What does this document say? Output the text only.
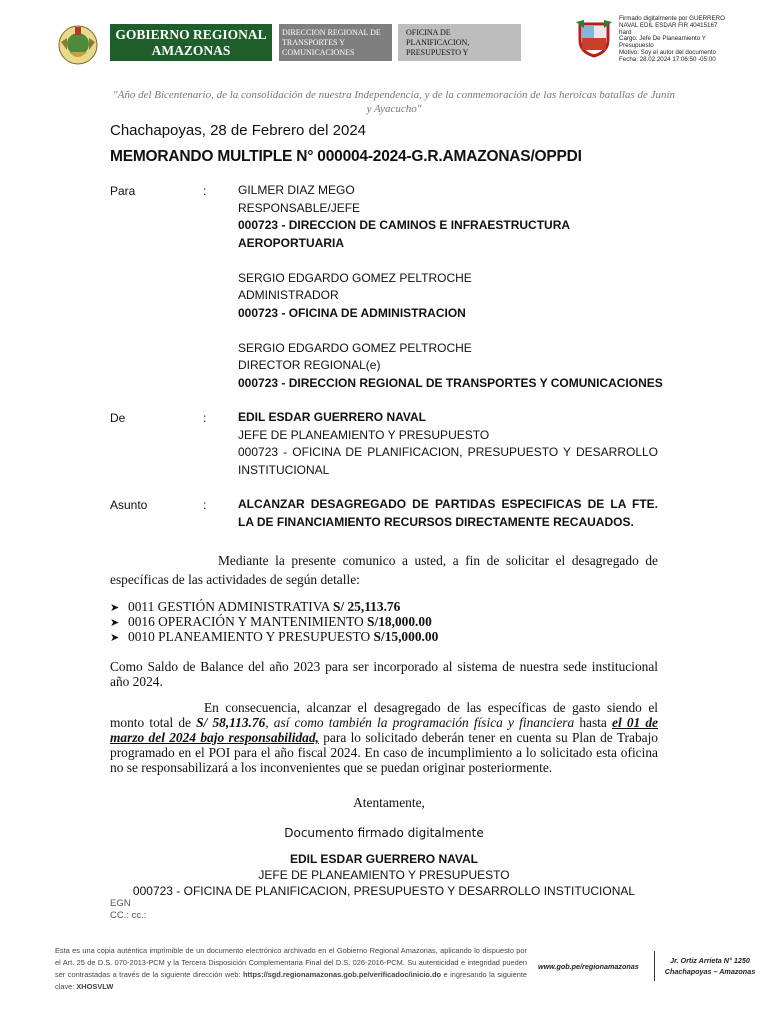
GOBIERNO REGIONAL
AMAZONAS
DIRECCION REGIONAL DE TRANSPORTES Y COMUNICACIONES
OFICINA DE PLANIFICACION, PRESUPUESTO Y
Firmado digitalmente por GUERRERO
NAVAL EDIL ESDAR FIR 40415167
hard
Cargo: Jefe De Planeamiento Y
Presupuesto
Motivo: Soy el autor del documento
Fecha: 28.02.2024 17:06:50 -05:00
"Año del Bicentenario, de la consolidación de nuestra Independencia, y de la conmemoración de las heroicas batallas de Junín y Ayacucho"
Chachapoyas, 28 de Febrero del 2024
MEMORANDO MULTIPLE N° 000004-2024-G.R.AMAZONAS/OPPDI
Para	:	GILMER DIAZ MEGO
RESPONSABLE/JEFE
000723 - DIRECCION DE CAMINOS E INFRAESTRUCTURA AEROPORTUARIA
SERGIO EDGARDO GOMEZ PELTROCHE
ADMINISTRADOR
000723 - OFICINA DE ADMINISTRACION
SERGIO EDGARDO GOMEZ PELTROCHE
DIRECTOR REGIONAL(e)
000723 - DIRECCION REGIONAL DE TRANSPORTES Y COMUNICACIONES
De	:	EDIL ESDAR GUERRERO NAVAL
JEFE DE PLANEAMIENTO Y PRESUPUESTO
000723 - OFICINA DE PLANIFICACION, PRESUPUESTO Y DESARROLLO INSTITUCIONAL
Asunto	:	ALCANZAR DESAGREGADO DE PARTIDAS ESPECIFICAS DE LA FTE. LA DE FINANCIAMIENTO RECURSOS DIRECTAMENTE RECAUADOS.
Mediante la presente comunico a usted, a fin de solicitar el desagregado de específicas de las actividades de según detalle:
➤ 0011 GESTIÓN ADMINISTRATIVA S/ 25,113.76
➤ 0016 OPERACIÓN Y MANTENIMIENTO S/18,000.00
➤ 0010 PLANEAMIENTO Y PRESUPUESTO S/15,000.00
Como Saldo de Balance del año 2023 para ser incorporado al sistema de nuestra sede institucional año 2024.
En consecuencia, alcanzar el desagregado de las específicas de gasto siendo el monto total de S/ 58,113.76, así como también la programación física y financiera hasta el 01 de marzo del 2024 bajo responsabilidad, para lo solicitado deberán tener en cuenta su Plan de Trabajo programado en el POI para el año fiscal 2024. En caso de incumplimiento a lo solicitado esta oficina no se responsabilizará a los inconvenientes que se puedan originar posteriormente.
Atentamente,
Documento firmado digitalmente
EDIL ESDAR GUERRERO NAVAL
JEFE DE PLANEAMIENTO Y PRESUPUESTO
000723 - OFICINA DE PLANIFICACION, PRESUPUESTO Y DESARROLLO INSTITUCIONAL
EGN
CC.: cc.:
Esta es una copia auténtica imprimible de un documento electrónico archivado en el Gobierno Regional Amazonas, aplicando lo dispuesto por el Art. 25 de D.S. 070-2013-PCM y la Tercera Disposición Complementaria Final del D.S. 026-2016-PCM. Su autenticidad e integridad pueden ser contrastadas a través de la siguiente dirección web: https://sgd.regionamazonas.gob.pe/verificadoc/inicio.do e ingresando la siguiente clave: XHOSVLW
www.gob.pe/regionamazonas
Jr. Ortiz Arrieta N° 1250
Chachapoyas – Amazonas
